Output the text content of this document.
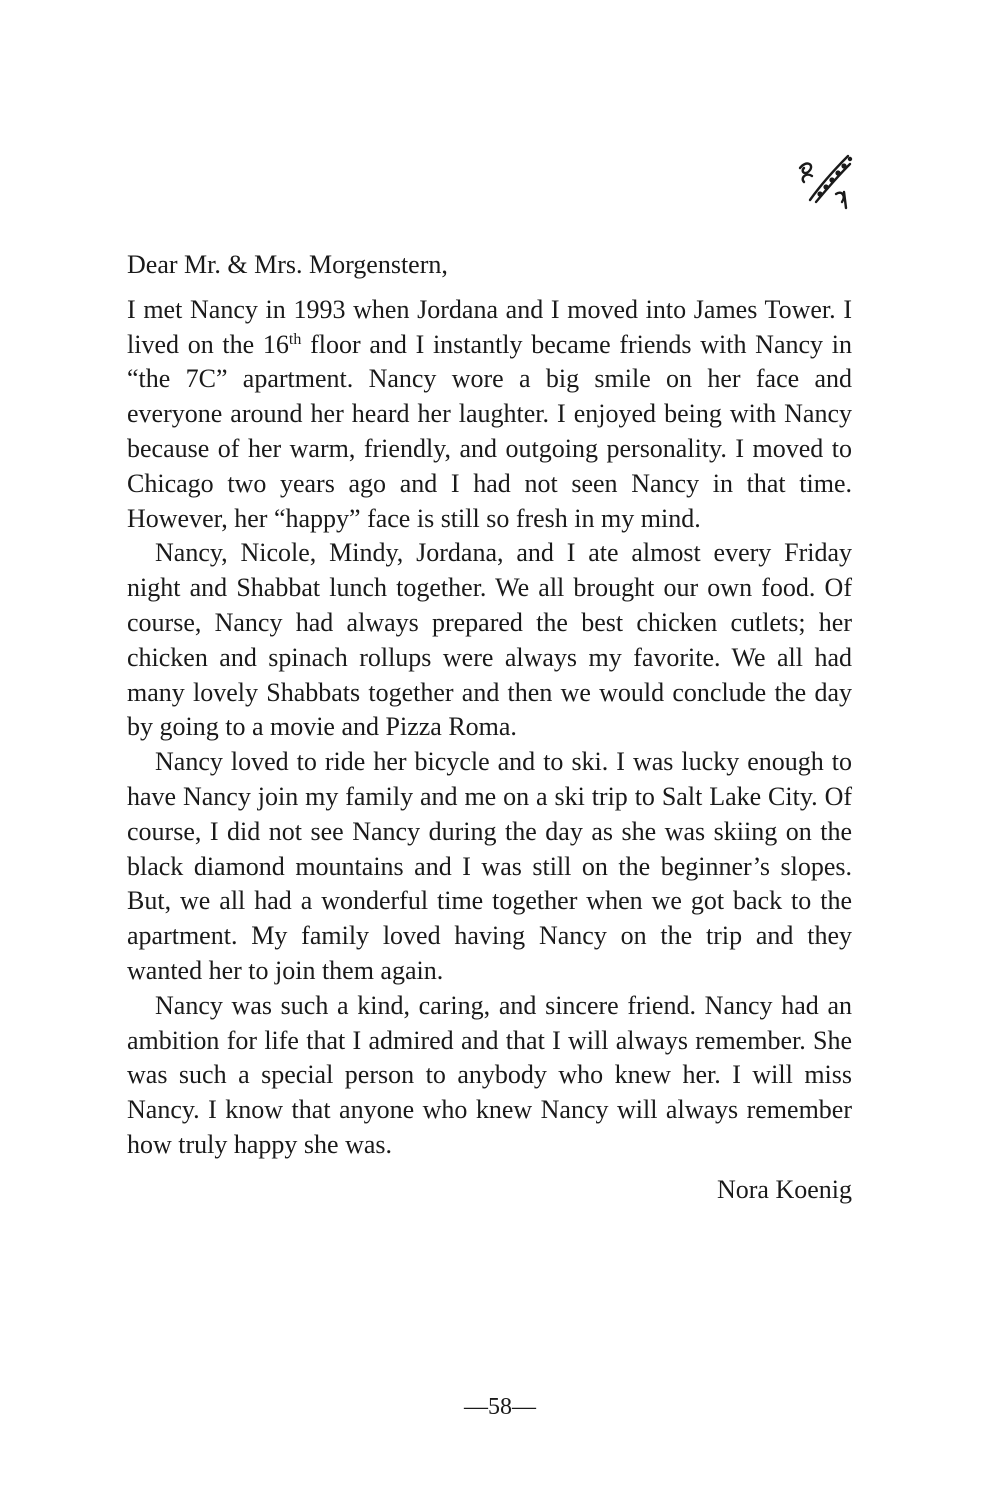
Dear Mr. & Mrs. Morgenstern,

I met Nancy in 1993 when Jordana and I moved into James Tower. I lived on the 16th floor and I instantly became friends with Nancy in “the 7C” apartment. Nancy wore a big smile on her face and everyone around her heard her laughter. I enjoyed being with Nancy because of her warm, friendly, and outgoing personality. I moved to Chicago two years ago and I had not seen Nancy in that time. However, her “happy” face is still so fresh in my mind.

Nancy, Nicole, Mindy, Jordana, and I ate almost every Friday night and Shabbat lunch together. We all brought our own food. Of course, Nancy had always prepared the best chicken cutlets; her chicken and spinach rollups were always my favorite. We all had many lovely Shabbats together and then we would conclude the day by going to a movie and Pizza Roma.

Nancy loved to ride her bicycle and to ski. I was lucky enough to have Nancy join my family and me on a ski trip to Salt Lake City. Of course, I did not see Nancy during the day as she was skiing on the black diamond mountains and I was still on the beginner’s slopes. But, we all had a wonderful time together when we got back to the apartment. My family loved having Nancy on the trip and they wanted her to join them again.

Nancy was such a kind, caring, and sincere friend. Nancy had an ambition for life that I admired and that I will always remember. She was such a special person to anybody who knew her. I will miss Nancy. I know that anyone who knew Nancy will always remember how truly happy she was.

Nora Koenig

—58—
